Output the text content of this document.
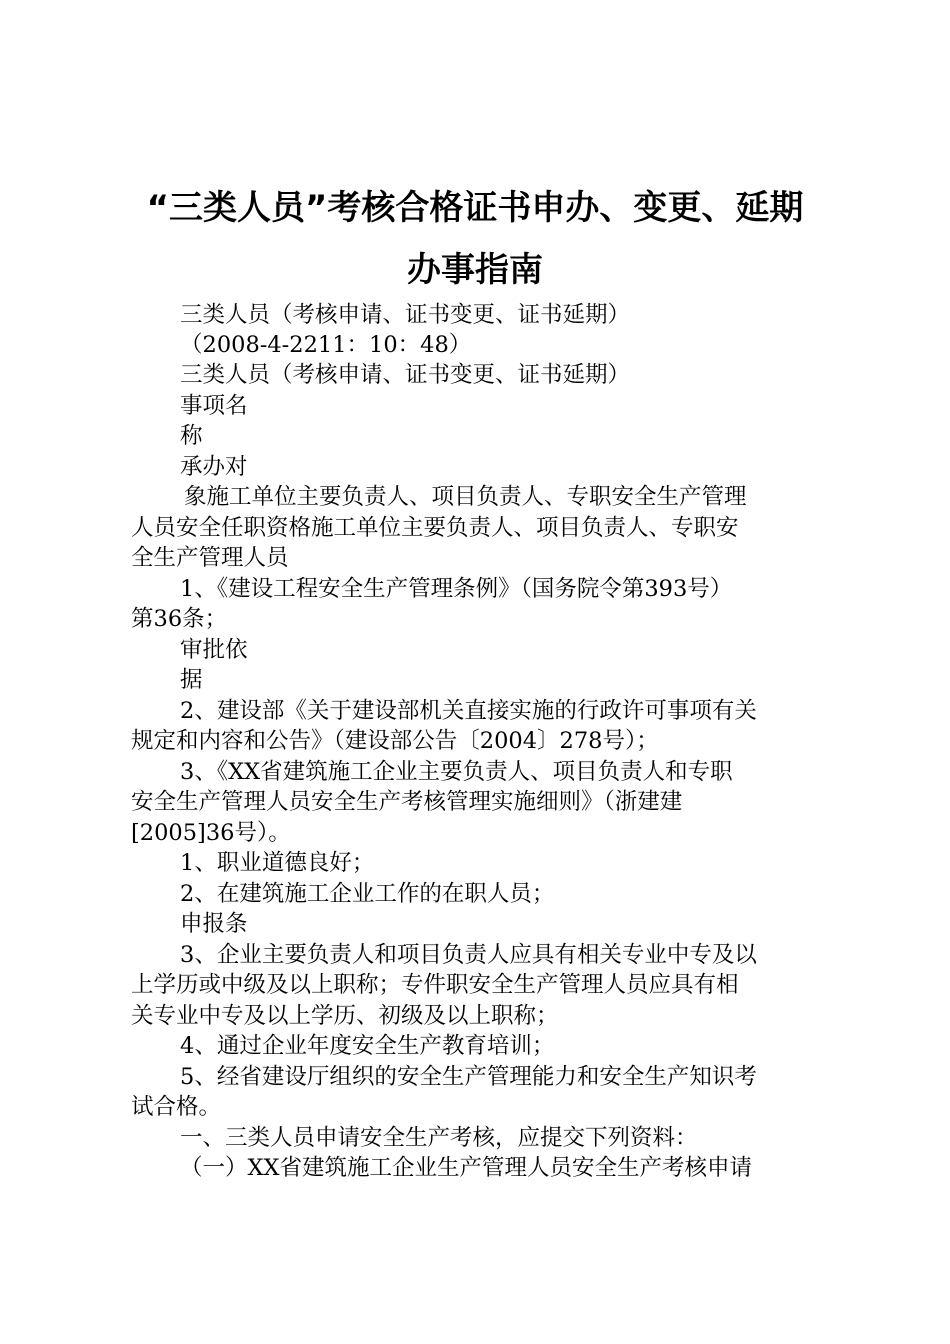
“三类人员”考核合格证书申办、变更、延期
办事指南
三类人员（考核申请、证书变更、证书延期）
（2008-4-2211：10：48）
三类人员（考核申请、证书变更、证书延期）
事项名
称
承办对
象施工单位主要负责人、项目负责人、专职安全生产管理
人员安全任职资格施工单位主要负责人、项目负责人、专职安
全生产管理人员
1、《建设工程安全生产管理条例》（国务院令第393号）
第36条；
审批依
据
2、建设部《关于建设部机关直接实施的行政许可事项有关
规定和内容和公告》（建设部公告〔2004〕278号）；
3、《XX省建筑施工企业主要负责人、项目负责人和专职
安全生产管理人员安全生产考核管理实施细则》（浙建建
[2005]36号）。
1、职业道德良好；
2、在建筑施工企业工作的在职人员；
申报条
3、企业主要负责人和项目负责人应具有相关专业中专及以
上学历或中级及以上职称；专件职安全生产管理人员应具有相
关专业中专及以上学历、初级及以上职称；
4、通过企业年度安全生产教育培训；
5、经省建设厅组织的安全生产管理能力和安全生产知识考
试合格。
一、三类人员申请安全生产考核，应提交下列资料：
（一）XX省建筑施工企业生产管理人员安全生产考核申请
